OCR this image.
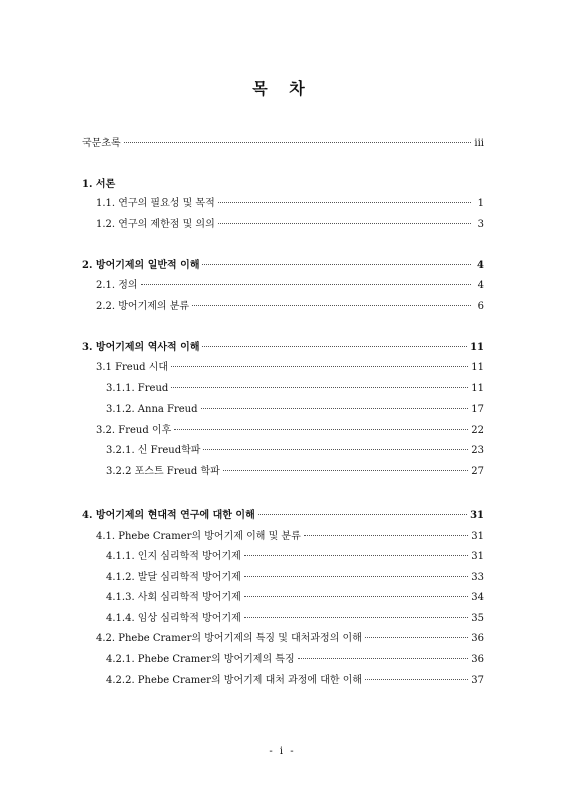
목 차
국문초록	iii
1. 서론
1.1. 연구의 필요성 및 목적	1
1.2. 연구의 제한점 및 의의	3
2. 방어기제의 일반적 이해	4
2.1. 정의	4
2.2. 방어기제의 분류	6
3. 방어기제의 역사적 이해	11
3.1 Freud 시대	11
3.1.1. Freud	11
3.1.2. Anna Freud	17
3.2. Freud 이후	22
3.2.1. 신 Freud학파	23
3.2.2 포스트 Freud 학파	27
4. 방어기제의 현대적 연구에 대한 이해	31
4.1. Phebe Cramer의 방어기제 이해 및 분류	31
4.1.1. 인지 심리학적 방어기제	31
4.1.2. 발달 심리학적 방어기제	33
4.1.3. 사회 심리학적 방어기제	34
4.1.4. 임상 심리학적 방어기제	35
4.2. Phebe Cramer의 방어기제의 특징 및 대처과정의 이해	36
4.2.1. Phebe Cramer의 방어기제의 특징	36
4.2.2. Phebe Cramer의 방어기제 대처 과정에 대한 이해	37
- i -
